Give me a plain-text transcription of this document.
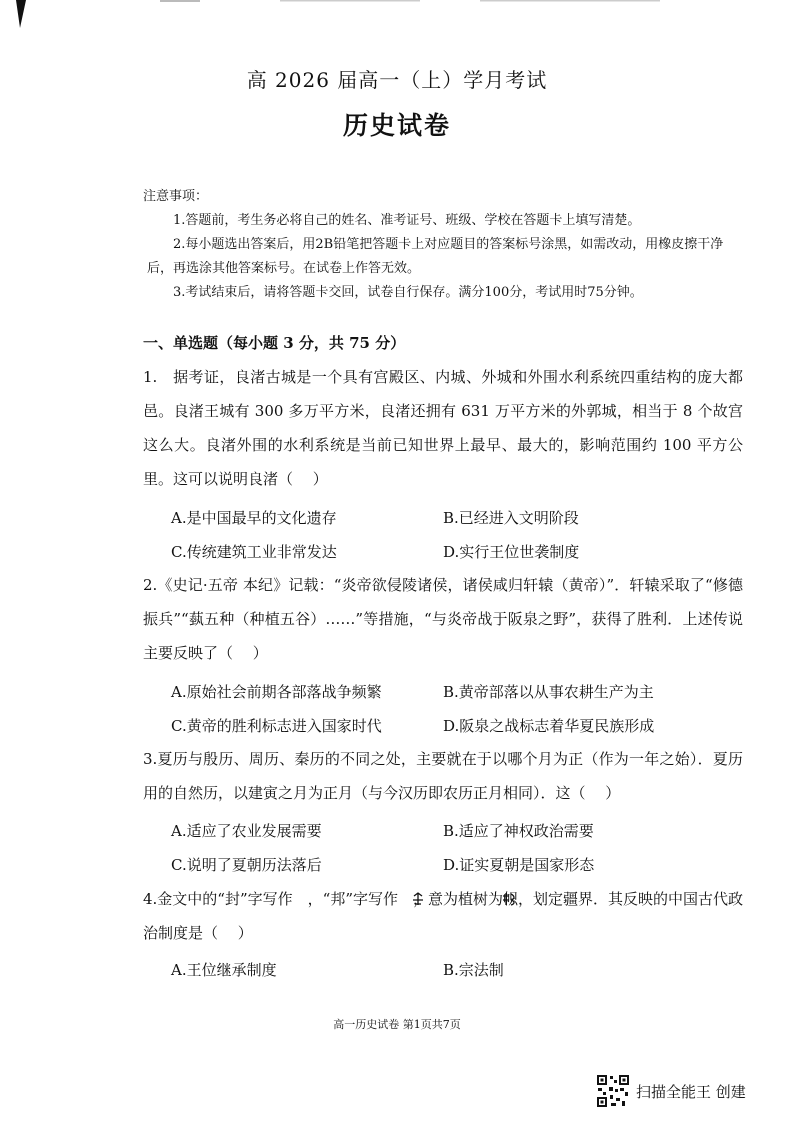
高 2026 届高一（上）学月考试
历史试卷

注意事项：

1.答题前，考生务必将自己的姓名、准考证号、班级、学校在答题卡上填写清楚。

2.每小题选出答案后，用2B铅笔把答题卡上对应题目的答案标号涂黑，如需改动，用橡皮擦干净后，再选涂其他答案标号。在试卷上作答无效。

3.考试结束后，请将答题卡交回，试卷自行保存。满分100分，考试用时75分钟。

一、单选题（每小题 3 分，共 75 分）
1.　据考证，良渚古城是一个具有宫殿区、内城、外城和外围水利系统四重结构的庞大都邑。良渚王城有 300 多万平方米，良渚还拥有 631 万平方米的外郭城，相当于 8 个故宫这么大。良渚外围的水利系统是当前已知世界上最早、最大的，影响范围约 100 平方公里。这可以说明良渚（　 ）
A.是中国最早的文化遗存	B.已经进入文明阶段
C.传统建筑工业非常发达	D.实行王位世袭制度
2.《史记·五帝 本纪》记载：“炎帝欲侵陵诸侯，诸侯咸归轩辕（黄帝）”．轩辕采取了“修德振兵”“蓺五种（种植五谷）……”等措施，“与炎帝战于阪泉之野”，获得了胜利．上述传说主要反映了（　 ）
A.原始社会前期各部落战争频繁	B.黄帝部落以从事农耕生产为主
C.黄帝的胜利标志进入国家时代	D.阪泉之战标志着华夏民族形成
3.夏历与殷历、周历、秦历的不同之处，主要就在于以哪个月为正（作为一年之始）．夏历用的自然历，以建寅之月为正月（与今汉历即农历正月相同）．这（　 ）
A.适应了农业发展需要	B.适应了神权政治需要
C.说明了夏朝历法落后	D.证实夏朝是国家形态
4.金文中的“封”字写作 ，“邦”字写作 ，意为植树为帜，划定疆界．其反映的中国古代政治制度是（　 ）
A.王位继承制度	B.宗法制
高一历史试卷 第1页共7页
扫描全能王 创建
